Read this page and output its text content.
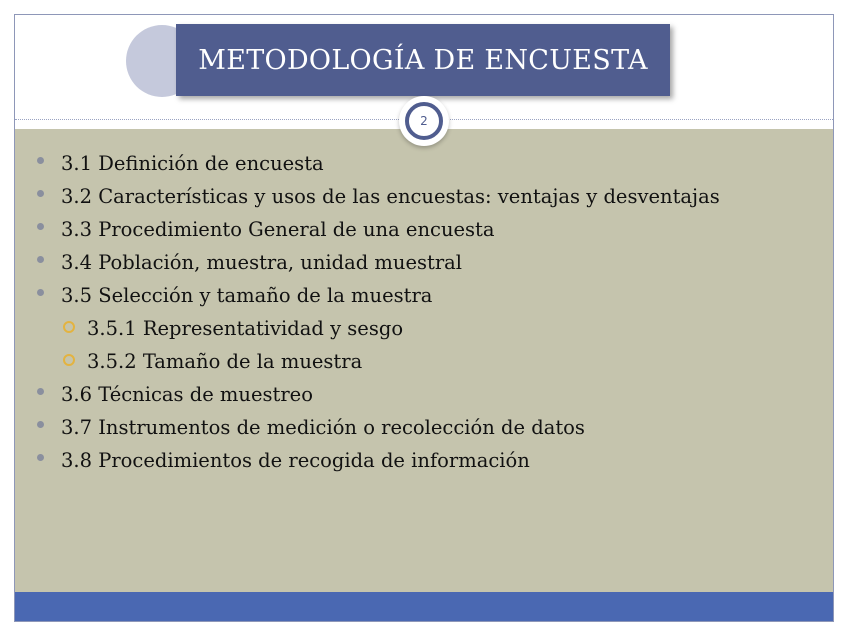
METODOLOGÍA DE ENCUESTA
2
3.1 Definición de encuesta
3.2 Características y usos de las encuestas: ventajas y desventajas
3.3 Procedimiento General de una encuesta
3.4 Población, muestra, unidad muestral
3.5 Selección y tamaño de la muestra
3.5.1 Representatividad y sesgo
3.5.2 Tamaño de la muestra
3.6 Técnicas de muestreo
3.7 Instrumentos de medición o recolección de datos
3.8 Procedimientos de recogida de información
